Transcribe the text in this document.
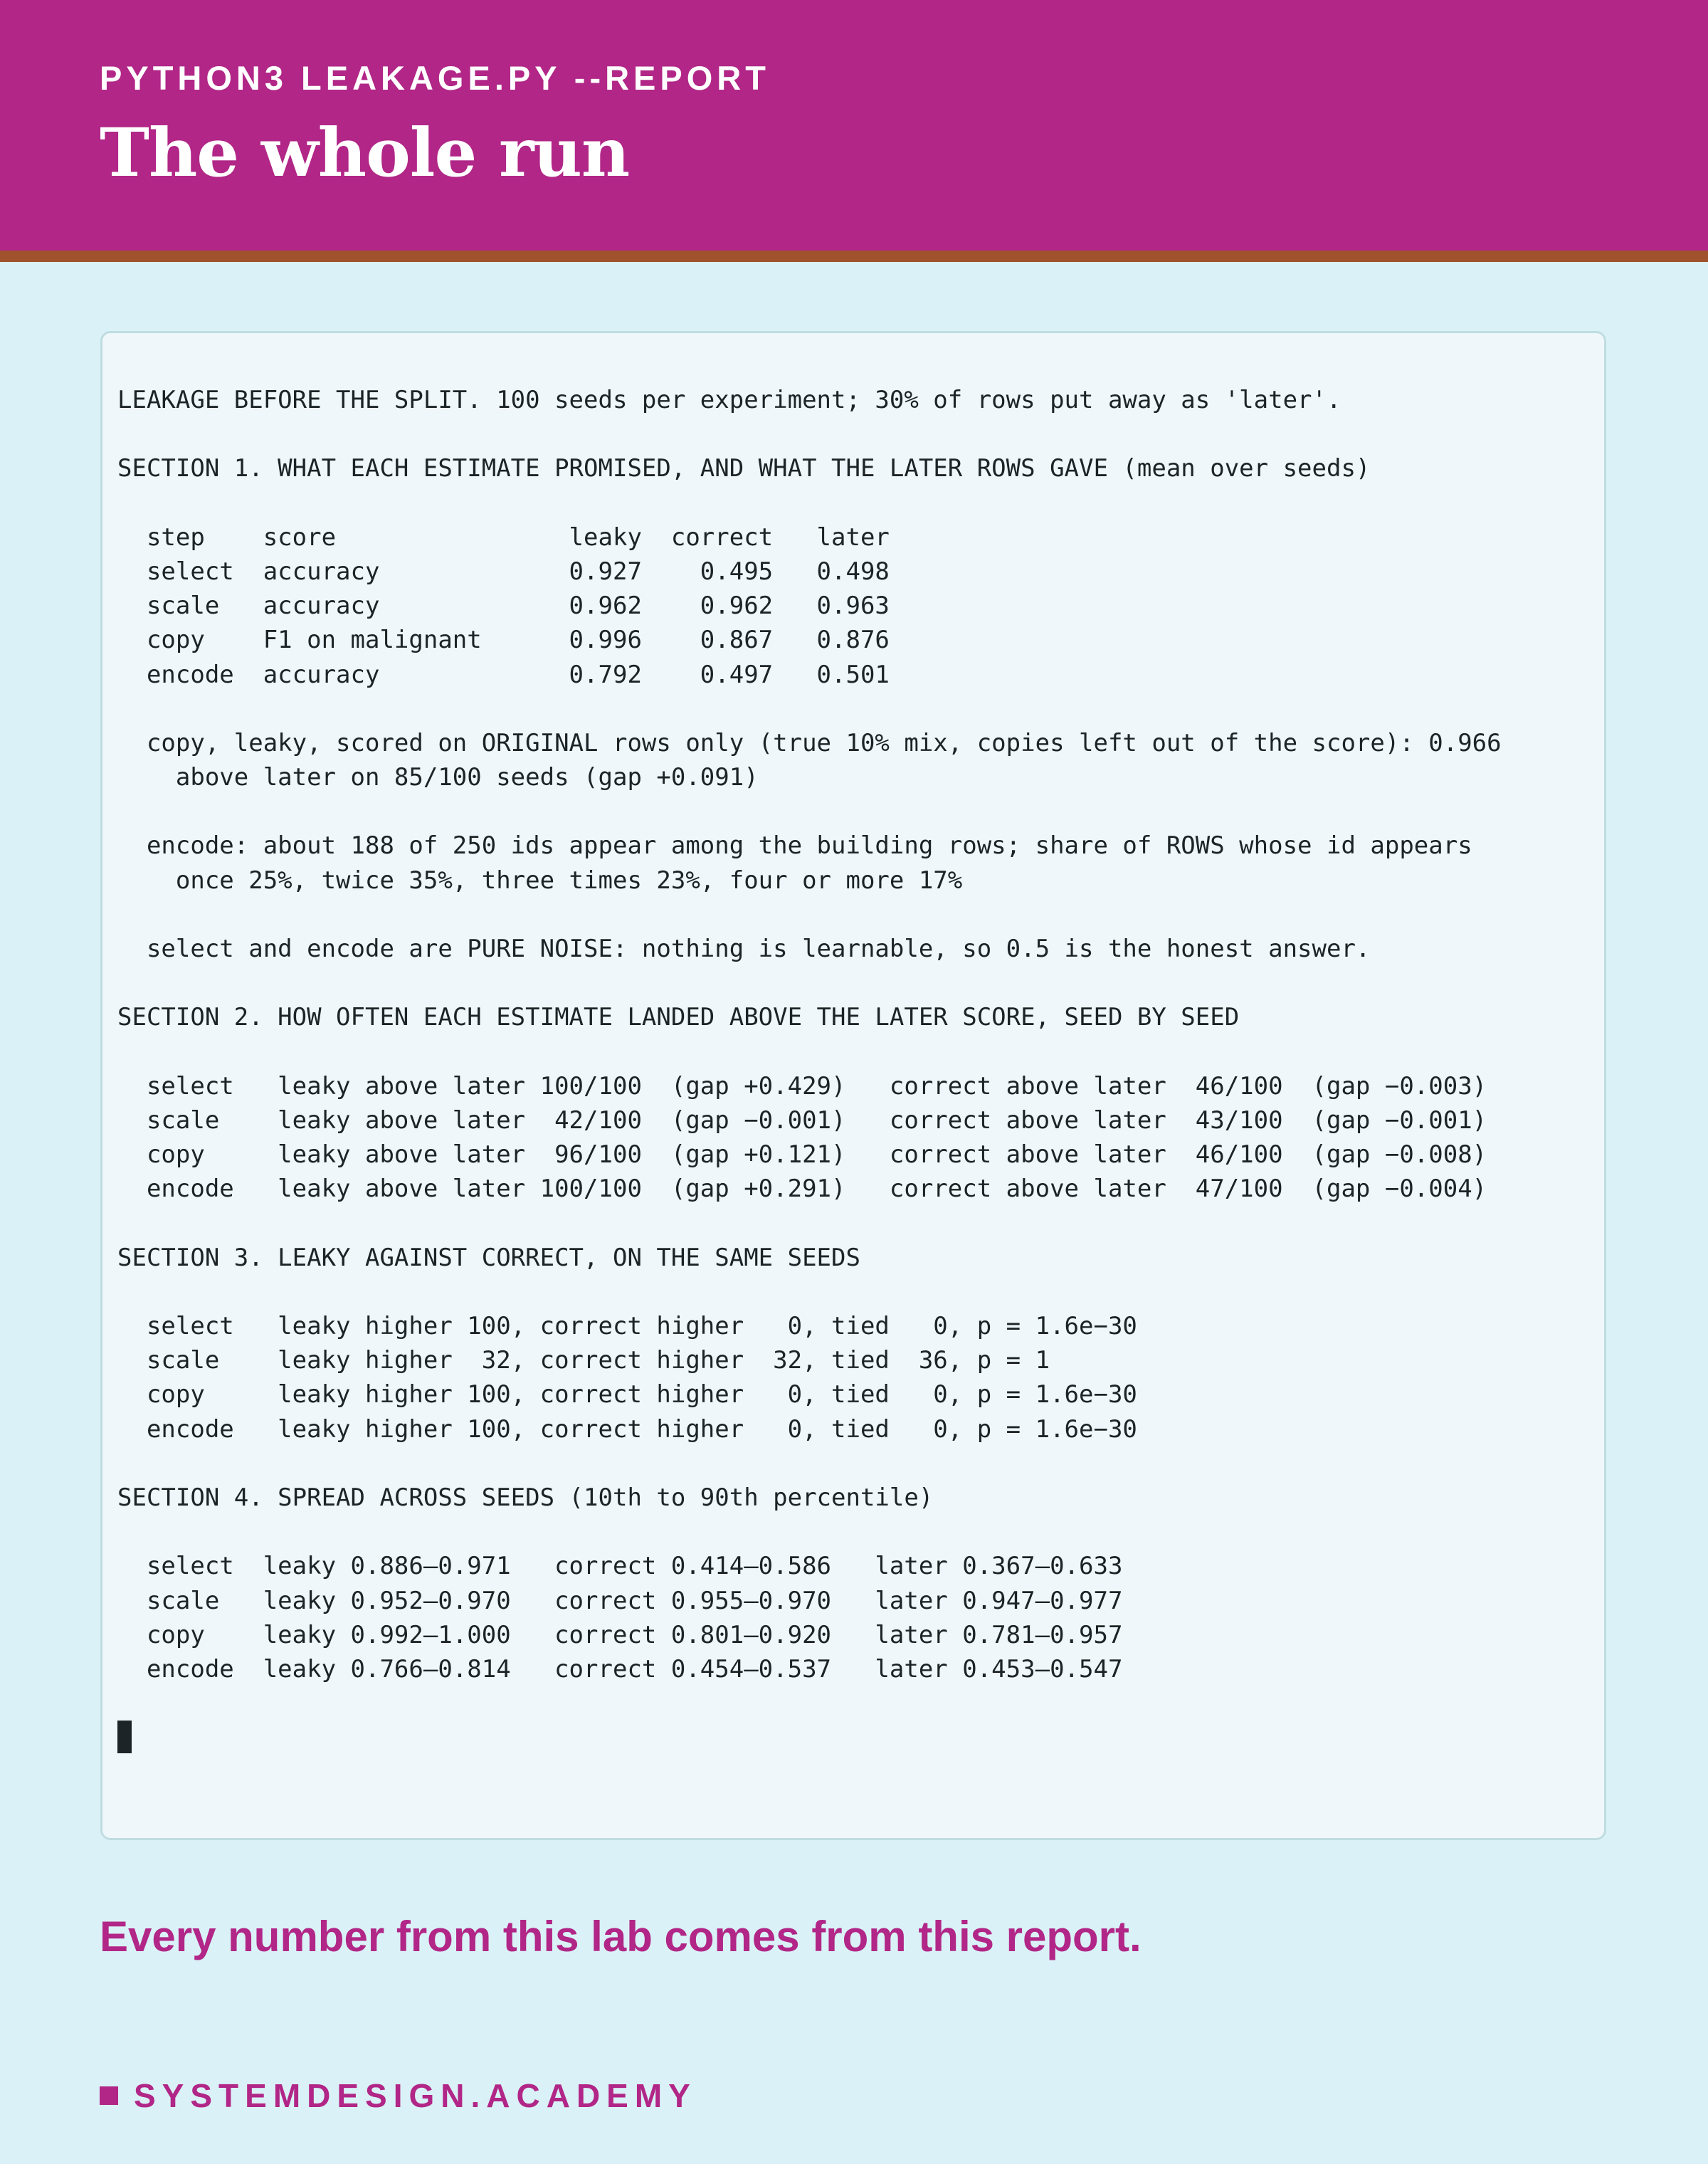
PYTHON3 LEAKAGE.PY --REPORT
The whole run
LEAKAGE BEFORE THE SPLIT. 100 seeds per experiment; 30% of rows put away as 'later'.
SECTION 1. WHAT EACH ESTIMATE PROMISED, AND WHAT THE LATER ROWS GAVE (mean over seeds)
step    score                leaky  correct   later
select  accuracy             0.927    0.495   0.498
scale   accuracy             0.962    0.962   0.963
copy    F1 on malignant      0.996    0.867   0.876
encode  accuracy             0.792    0.497   0.501
copy, leaky, scored on ORIGINAL rows only (true 10% mix, copies left out of the score): 0.966
above later on 85/100 seeds (gap +0.091)
encode: about 188 of 250 ids appear among the building rows; share of ROWS whose id appears
once 25%, twice 35%, three times 23%, four or more 17%
select and encode are PURE NOISE: nothing is learnable, so 0.5 is the honest answer.
SECTION 2. HOW OFTEN EACH ESTIMATE LANDED ABOVE THE LATER SCORE, SEED BY SEED
select   leaky above later 100/100  (gap +0.429)   correct above later  46/100  (gap −0.003)
scale    leaky above later  42/100  (gap −0.001)   correct above later  43/100  (gap −0.001)
copy     leaky above later  96/100  (gap +0.121)   correct above later  46/100  (gap −0.008)
encode   leaky above later 100/100  (gap +0.291)   correct above later  47/100  (gap −0.004)
SECTION 3. LEAKY AGAINST CORRECT, ON THE SAME SEEDS
select   leaky higher 100, correct higher   0, tied   0, p = 1.6e−30
scale    leaky higher  32, correct higher  32, tied  36, p = 1
copy     leaky higher 100, correct higher   0, tied   0, p = 1.6e−30
encode   leaky higher 100, correct higher   0, tied   0, p = 1.6e−30
SECTION 4. SPREAD ACROSS SEEDS (10th to 90th percentile)
select  leaky 0.886–0.971   correct 0.414–0.586   later 0.367–0.633
scale   leaky 0.952–0.970   correct 0.955–0.970   later 0.947–0.977
copy    leaky 0.992–1.000   correct 0.801–0.920   later 0.781–0.957
encode  leaky 0.766–0.814   correct 0.454–0.537   later 0.453–0.547
Every number from this lab comes from this report.
SYSTEMDESIGN.ACADEMY
